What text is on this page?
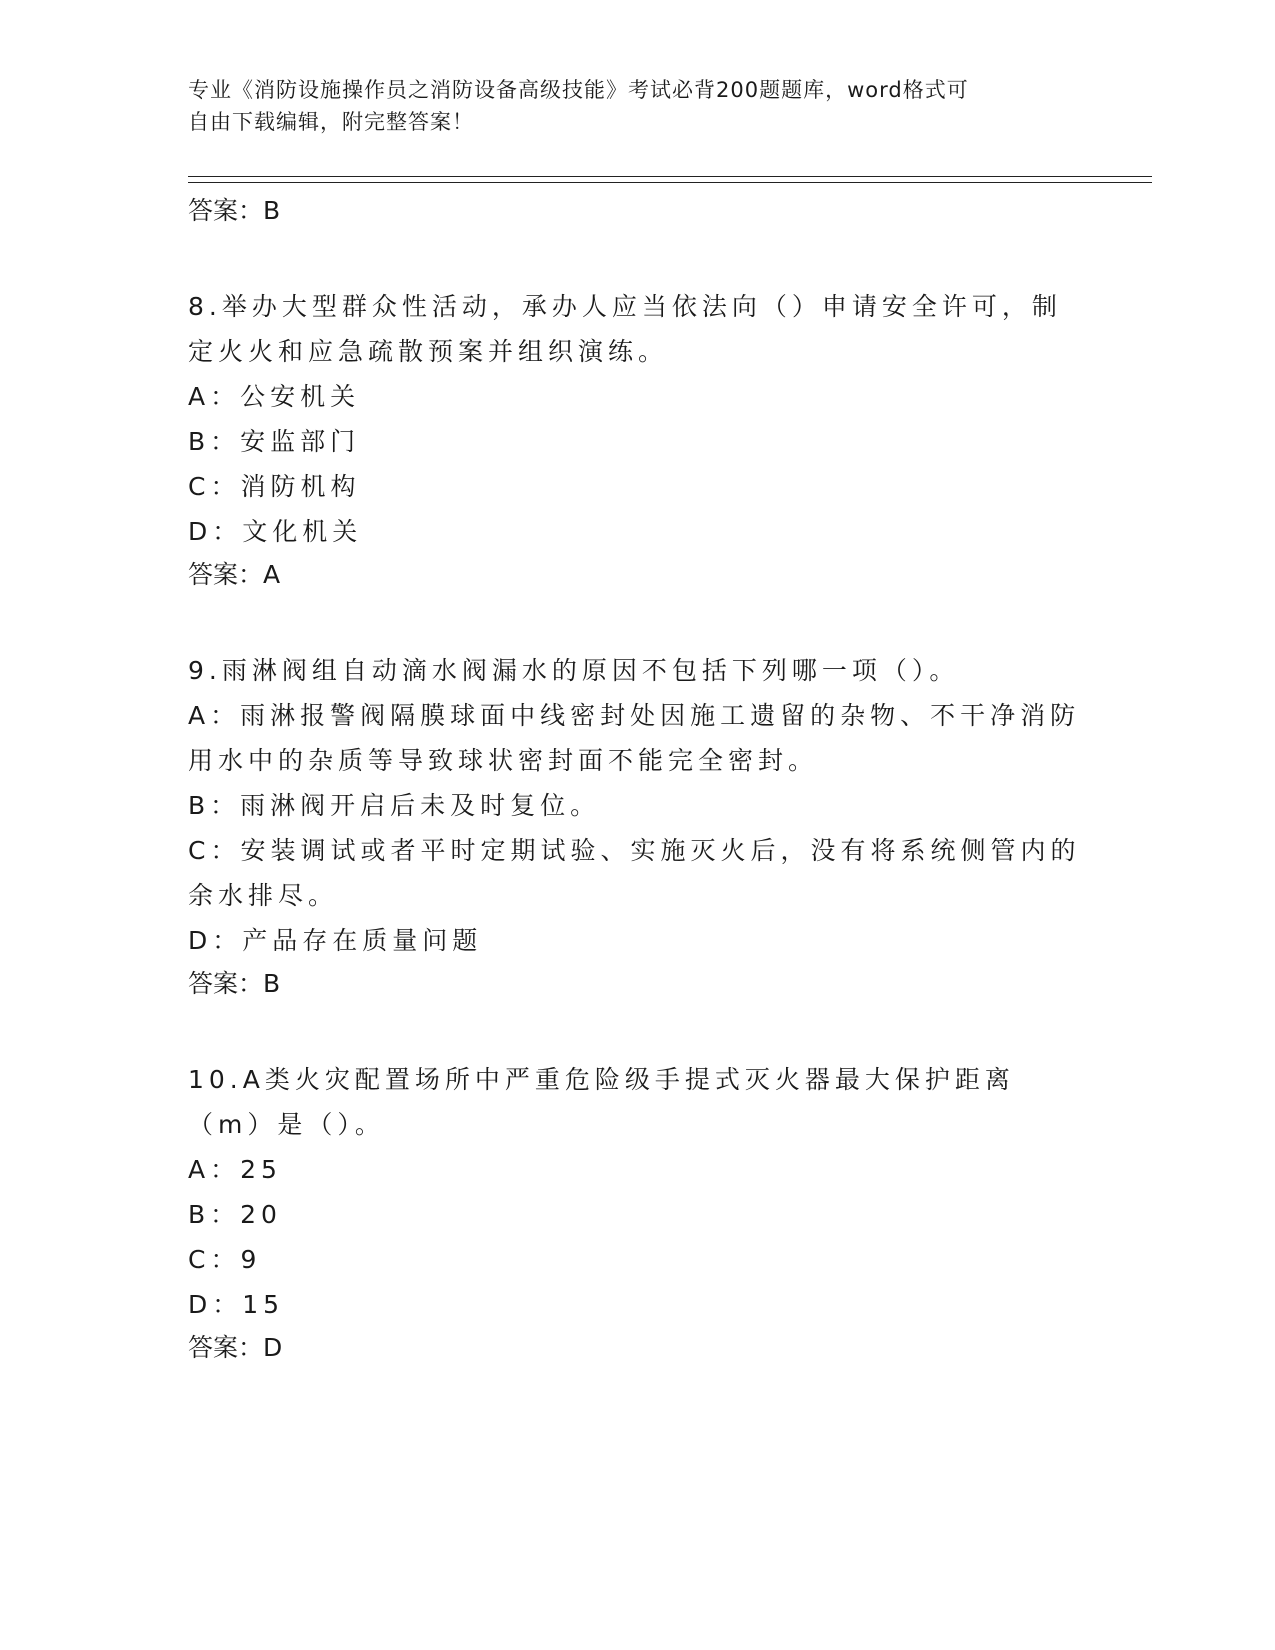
专业《消防设施操作员之消防设备高级技能》考试必背200题题库，word格式可
自由下载编辑，附完整答案！
答案：B
8.举办大型群众性活动，承办人应当依法向（）申请安全许可，制定火火和应急疏散预案并组织演练。
A：公安机关
B：安监部门
C：消防机构
D：文化机关
答案：A
9.雨淋阀组自动滴水阀漏水的原因不包括下列哪一项（）。
A：雨淋报警阀隔膜球面中线密封处因施工遗留的杂物、不干净消防用水中的杂质等导致球状密封面不能完全密封。
B：雨淋阀开启后未及时复位。
C：安装调试或者平时定期试验、实施灭火后，没有将系统侧管内的余水排尽。
D：产品存在质量问题
答案：B
10.A类火灾配置场所中严重危险级手提式灭火器最大保护距离（m）是（）。
A：25
B：20
C：9
D：15
答案：D
